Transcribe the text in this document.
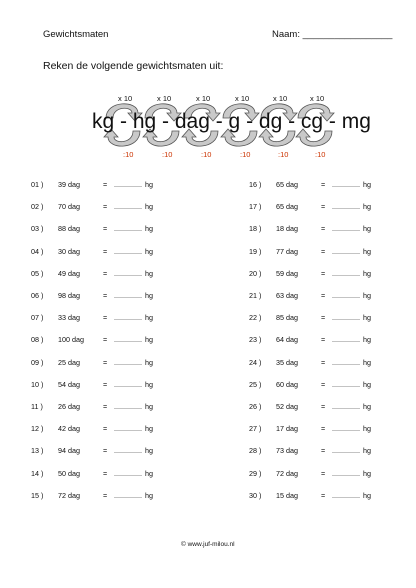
Gewichtsmaten	Naam: _________________
Reken de volgende gewichtsmaten uit:
kg - hg - dag - g - dg - cg - mg
x 10	x 10	x 10	x 10	x 10	x 10
:10	:10	:10	:10	:10	:10
01 ) 39 dag	= .............. hg
02 ) 70 dag	= .............. hg
03 ) 88 dag	= .............. hg
04 ) 30 dag	= .............. hg
05 ) 49 dag	= .............. hg
06 ) 98 dag	= .............. hg
07 ) 33 dag	= .............. hg
08 ) 100 dag	= .............. hg
09 ) 25 dag	= .............. hg
10 ) 54 dag	= .............. hg
11 ) 26 dag	= .............. hg
12 ) 42 dag	= .............. hg
13 ) 94 dag	= .............. hg
14 ) 50 dag	= .............. hg
15 ) 72 dag	= .............. hg
16 ) 65 dag	= .............. hg
17 ) 65 dag	= .............. hg
18 ) 18 dag	= .............. hg
19 ) 77 dag	= .............. hg
20 ) 59 dag	= .............. hg
21 ) 63 dag	= .............. hg
22 ) 85 dag	= .............. hg
23 ) 64 dag	= .............. hg
24 ) 35 dag	= .............. hg
25 ) 60 dag	= .............. hg
26 ) 52 dag	= .............. hg
27 ) 17 dag	= .............. hg
28 ) 73 dag	= .............. hg
29 ) 72 dag	= .............. hg
30 ) 15 dag	= .............. hg
© www.juf-milou.nl
